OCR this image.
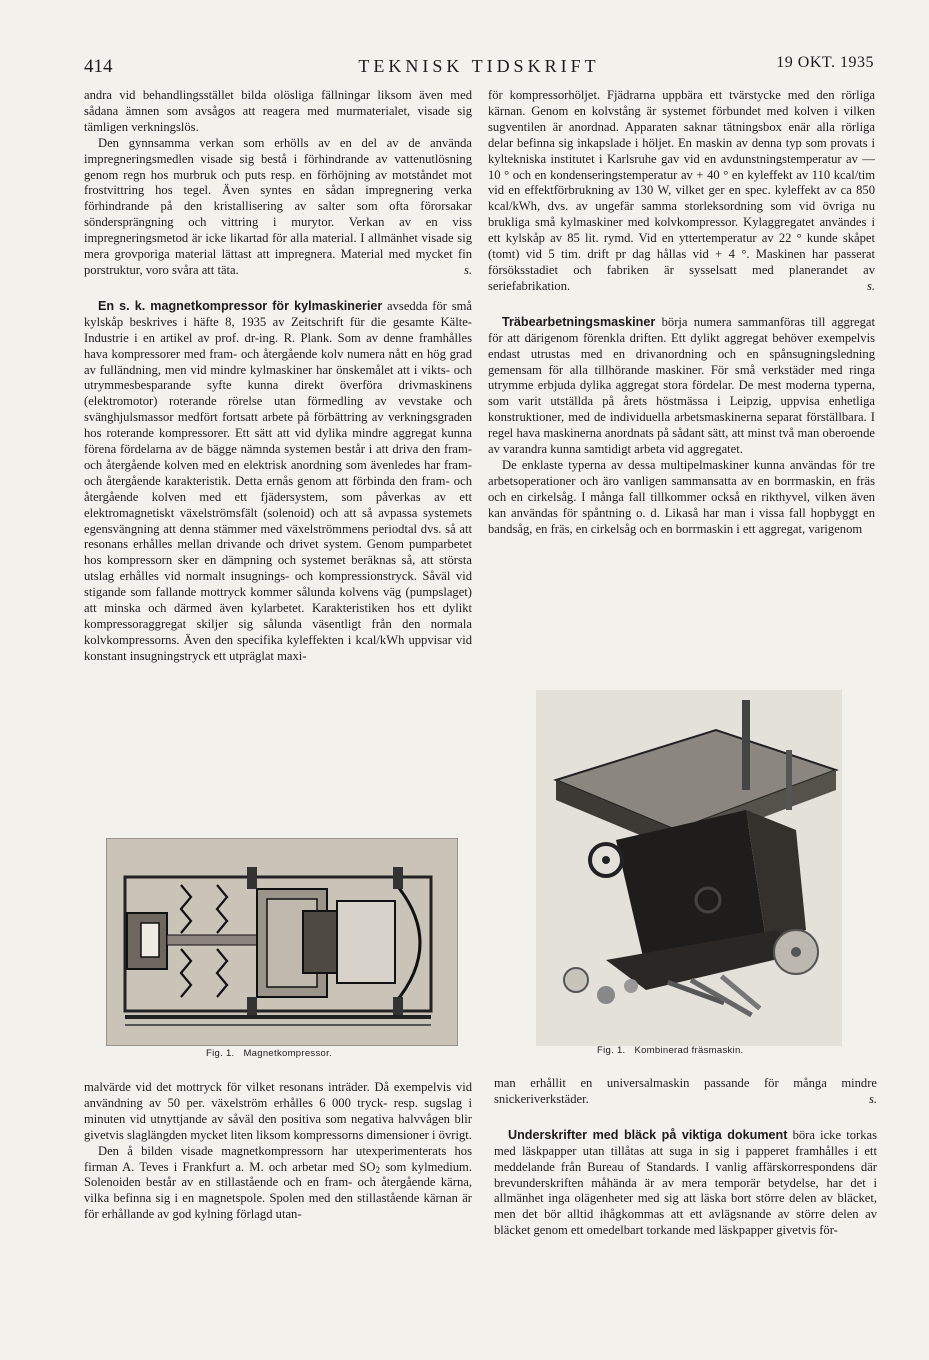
414	TEKNISK TIDSKRIFT	19 OKT. 1935

andra vid behandlingsstället bilda olösliga fällningar liksom även med sådana ämnen som avsågos att reagera med murmaterialet, visade sig tämligen verkningslös.

Den gynnsamma verkan som erhölls av en del av de använda impregneringsmedlen visade sig bestå i förhindrande av vattenutlösning genom regn hos murbruk och puts resp. en förhöjning av motståndet mot frostvittring hos tegel. Även syntes en sådan impregnering verka förhindrande på den kristallisering av salter som ofta förorsakar söndersprängning och vittring i murytor. Verkan av en viss impregneringsmetod är icke likartad för alla material. I allmänhet visade sig mera grovporiga material lättast att impregnera. Material med mycket fin porstruktur, voro svåra att täta.	s.

En s. k. magnetkompressor för kylmaskinerier avsedda för små kylskåp beskrives i häfte 8, 1935 av Zeitschrift für die gesamte Kälte-Industrie i en artikel av prof. dr-ing. R. Plank. Som av denne framhålles hava kompressorer med fram- och återgående kolv numera nått en hög grad av fulländning, men vid mindre kylmaskiner har önskemålet att i vikts- och utrymmesbesparande syfte kunna direkt överföra drivmaskinens (elektromotor) roterande rörelse utan förmedling av vevstake och svänghjulsmassor medfört fortsatt arbete på förbättring av verkningsgraden hos roterande kompressorer. Ett sätt att vid dylika mindre aggregat kunna förena fördelarna av de bägge nämnda systemen består i att driva den fram- och återgående kolven med en elektrisk anordning som ävenledes har fram- och återgående karakteristik. Detta ernås genom att förbinda den fram- och återgående kolven med ett fjädersystem, som påverkas av ett elektromagnetiskt växelströmsfält (solenoid) och att så avpassa systemets egensvängning att denna stämmer med växelströmmens periodtal dvs. så att resonans erhålles mellan drivande och drivet system. Genom pumparbetet hos kompressorn sker en dämpning och systemet beräknas så, att största utslag erhålles vid normalt insugnings- och kompressionstryck. Såväl vid stigande som fallande mottryck kommer sålunda kolvens väg (pumpslaget) att minska och därmed även kylarbetet. Karakteristiken hos ett dylikt kompressoraggregat skiljer sig sålunda väsentligt från den normala kolvkompressorns. Även den specifika kyleffekten i kcal/kWh uppvisar vid konstant insugningstryck ett utpräglat maxi-

för kompressorhöljet. Fjädrarna uppbära ett tvärstycke med den rörliga kärnan. Genom en kolvstång är systemet förbundet med kolven i vilken sugventilen är anordnad. Apparaten saknar tätningsbox enär alla rörliga delar befinna sig inkapslade i höljet. En maskin av denna typ som provats i kyltekniska institutet i Karlsruhe gav vid en avdunstningstemperatur av — 10 ° och en kondenseringstemperatur av + 40 ° en kyleffekt av 110 kcal/tim vid en effektförbrukning av 130 W, vilket ger en spec. kyleffekt av ca 850 kcal/kWh, dvs. av ungefär samma storleksordning som vid övriga nu brukliga små kylmaskiner med kolvkompressor. Kylaggregatet användes i ett kylskåp av 85 lit. rymd. Vid en yttertemperatur av 22 ° kunde skåpet (tomt) vid 5 tim. drift pr dag hållas vid + 4 °. Maskinen har passerat försöksstadiet och fabriken är sysselsatt med planerandet av seriefabrikation.	s.

Träbearbetningsmaskiner börja numera sammanföras till aggregat för att därigenom förenkla driften. Ett dylikt aggregat behöver exempelvis endast utrustas med en drivanordning och en spånsugningsledning gemensam för alla tillhörande maskiner. För små verkstäder med ringa utrymme erbjuda dylika aggregat stora fördelar. De mest moderna typerna, som varit utställda på årets höstmässa i Leipzig, uppvisa enhetliga konstruktioner, med de individuella arbetsmaskinerna separat förställbara. I regel hava maskinerna anordnats på sådant sätt, att minst två man oberoende av varandra kunna samtidigt arbeta vid aggregatet.

De enklaste typerna av dessa multipelmaskiner kunna användas för tre arbetsoperationer och äro vanligen sammansatta av en borrmaskin, en fräs och en cirkelsåg. I många fall tillkommer också en rikthyvel, vilken även kan användas för spåntning o. d. Likaså har man i vissa fall hopbyggt en bandsåg, en fräs, en cirkelsåg och en borrmaskin i ett aggregat, varigenom

Fig. 1. Magnetkompressor.	Fig. 1. Kombinerad fräsmaskin.

malvärde vid det mottryck för vilket resonans inträder. Då exempelvis vid användning av 50 per. växelström erhålles 6 000 tryck- resp. sugslag i minuten vid utnyttjande av såväl den positiva som negativa halvvågen blir givetvis slaglängden mycket liten liksom kompressorns dimensioner i övrigt.

Den å bilden visade magnetkompressorn har utexperimenterats hos firman A. Teves i Frankfurt a. M. och arbetar med $SO_2$ som kylmedium. Solenoiden består av en stillastående och en fram- och återgående kärna, vilka befinna sig i en magnetspole. Spolen med den stillastående kärnan är för erhållande av god kylning förlagd utan-

man erhållit en universalmaskin passande för många mindre snickeriverkstäder.	s.

Underskrifter med bläck på viktiga dokument böra icke torkas med läskpapper utan tillåtas att suga in sig i papperet framhålles i ett meddelande från Bureau of Standards. I vanlig affärskorrespondens där brevunderskriften måhända är av mera temporär betydelse, har det i allmänhet inga olägenheter med sig att läska bort större delen av bläcket, men det bör alltid ihågkommas att ett avlägsnande av större delen av bläcket genom ett omedelbart torkande med läskpapper givetvis för-
